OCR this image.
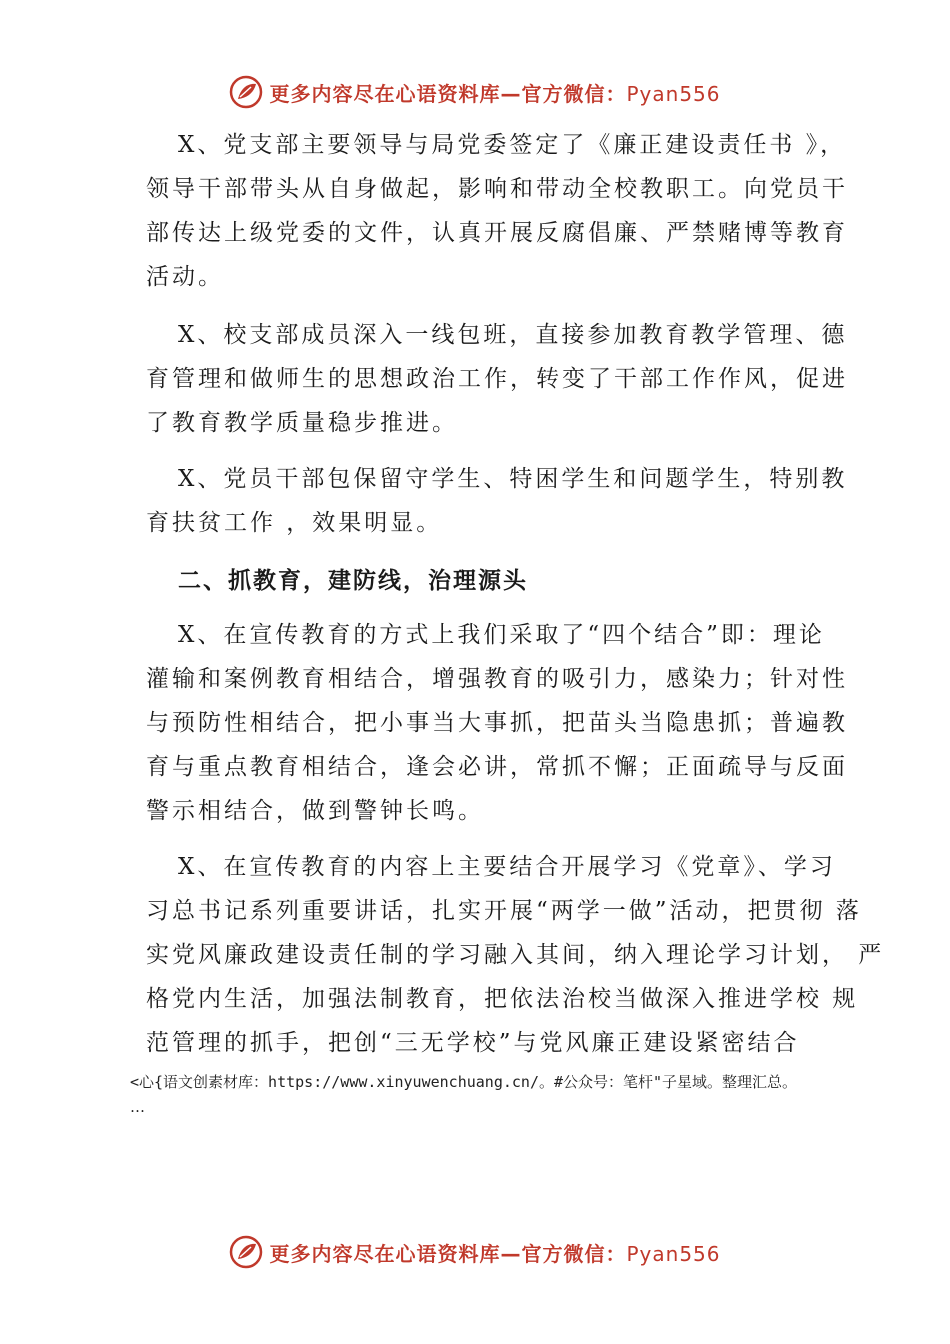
更多内容尽在心语资料库—官方微信：Pyan556
X、党支部主要领导与局党委签定了《廉正建设责任书 》，
领导干部带头从自身做起，影响和带动全校教职工。向党员干
部传达上级党委的文件，认真开展反腐倡廉、严禁赌博等教育
活动。
X、校支部成员深入一线包班，直接参加教育教学管理、德
育管理和做师生的思想政治工作，转变了干部工作作风，促进
了教育教学质量稳步推进。
X、党员干部包保留守学生、特困学生和问题学生，特别教
育扶贫工作 ，效果明显。
二、抓教育，建防线，治理源头
X、在宣传教育的方式上我们采取了“四个结合”即：理论
灌输和案例教育相结合，增强教育的吸引力，感染力；针对性
与预防性相结合，把小事当大事抓，把苗头当隐患抓；普遍教
育与重点教育相结合，逢会必讲，常抓不懈；正面疏导与反面
警示相结合，做到警钟长鸣。
X、在宣传教育的内容上主要结合开展学习《党章》、学习
习总书记系列重要讲话，扎实开展“两学一做”活动，把贯彻 落
实党风廉政建设责任制的学习融入其间，纳入理论学习计划， 严
格党内生活，加强法制教育，把依法治校当做深入推进学校 规
范管理的抓手，把创“三无学校”与党风廉正建设紧密结合
<心{语文创素材库：https://www.xinyuwenchuang.cn/。#公众号：笔杆"子星域。整理汇总。
…
更多内容尽在心语资料库—官方微信：Pyan556
